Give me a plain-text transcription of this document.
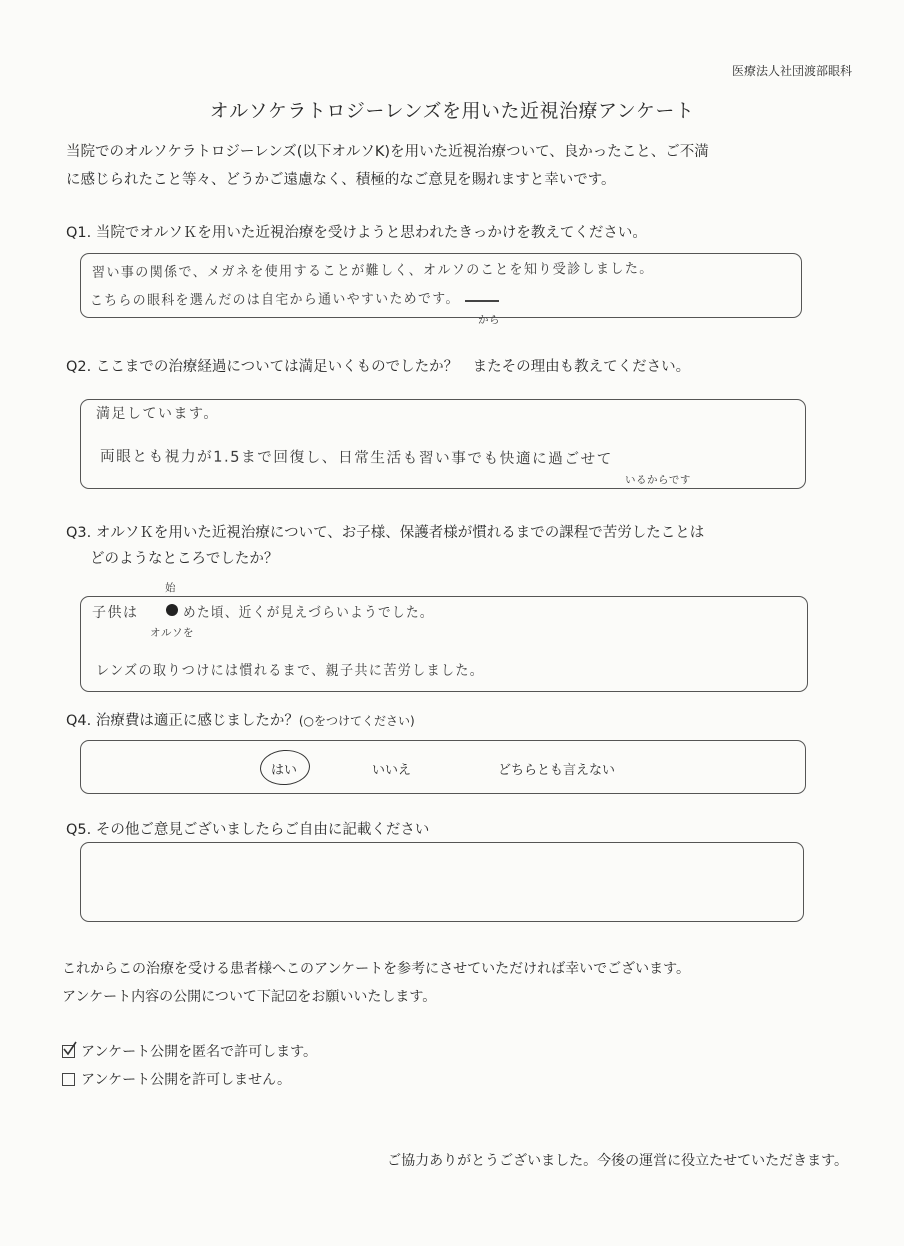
医療法人社団渡部眼科
オルソケラトロジーレンズを用いた近視治療アンケート
当院でのオルソケラトロジーレンズ(以下オルソK)を用いた近視治療ついて、良かったこと、ご不満
に感じられたこと等々、どうかご遠慮なく、積極的なご意見を賜れますと幸いです。
Q1. 当院でオルソＫを用いた近視治療を受けようと思われたきっかけを教えてください。
習い事の関係で、メガネを使用することが難しく、オルソのことを知り受診しました。
こちらの眼科を選んだのは自宅から通いやすいためです。
から
Q2. ここまでの治療経過については満足いくものでしたか？　またその理由も教えてください。
満足しています。
両眼とも視力が1.5まで回復し、日常生活も習い事でも快適に過ごせて
いるからです
Q3. オルソＫを用いた近視治療について、お子様、保護者様が慣れるまでの課程で苦労したことは
どのようなところでしたか？
始
子供は	めた頃、近くが見えづらいようでした。
オルソを
レンズの取りつけには慣れるまで、親子共に苦労しました。
Q4. 治療費は適正に感じましたか？(○をつけてください)
はい	いいえ	どちらとも言えない
Q5. その他ご意見ございましたらご自由に記載ください
これからこの治療を受ける患者様へこのアンケートを参考にさせていただければ幸いでございます。
アンケート内容の公開について下記☑をお願いいたします。
アンケート公開を匿名で許可します。
アンケート公開を許可しません。
ご協力ありがとうございました。今後の運営に役立たせていただきます。
